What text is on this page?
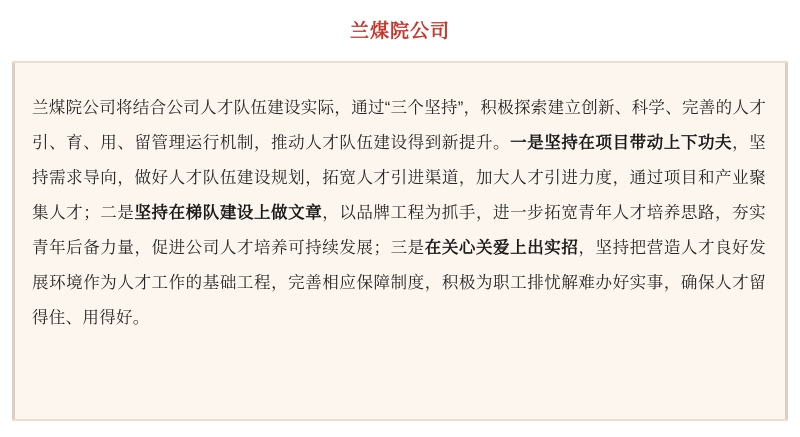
兰煤院公司
兰煤院公司将结合公司人才队伍建设实际，通过“三个坚持”，积极探索建立创新、科学、完善的人才引、育、用、留管理运行机制，推动人才队伍建设得到新提升。一是坚持在项目带动上下功夫，坚持需求导向，做好人才队伍建设规划，拓宽人才引进渠道，加大人才引进力度，通过项目和产业聚集人才；二是坚持在梯队建设上做文章，以品牌工程为抓手，进一步拓宽青年人才培养思路，夯实青年后备力量，促进公司人才培养可持续发展；三是在关心关爱上出实招，坚持把营造人才良好发展环境作为人才工作的基础工程，完善相应保障制度，积极为职工排忧解难办好实事，确保人才留得住、用得好。
